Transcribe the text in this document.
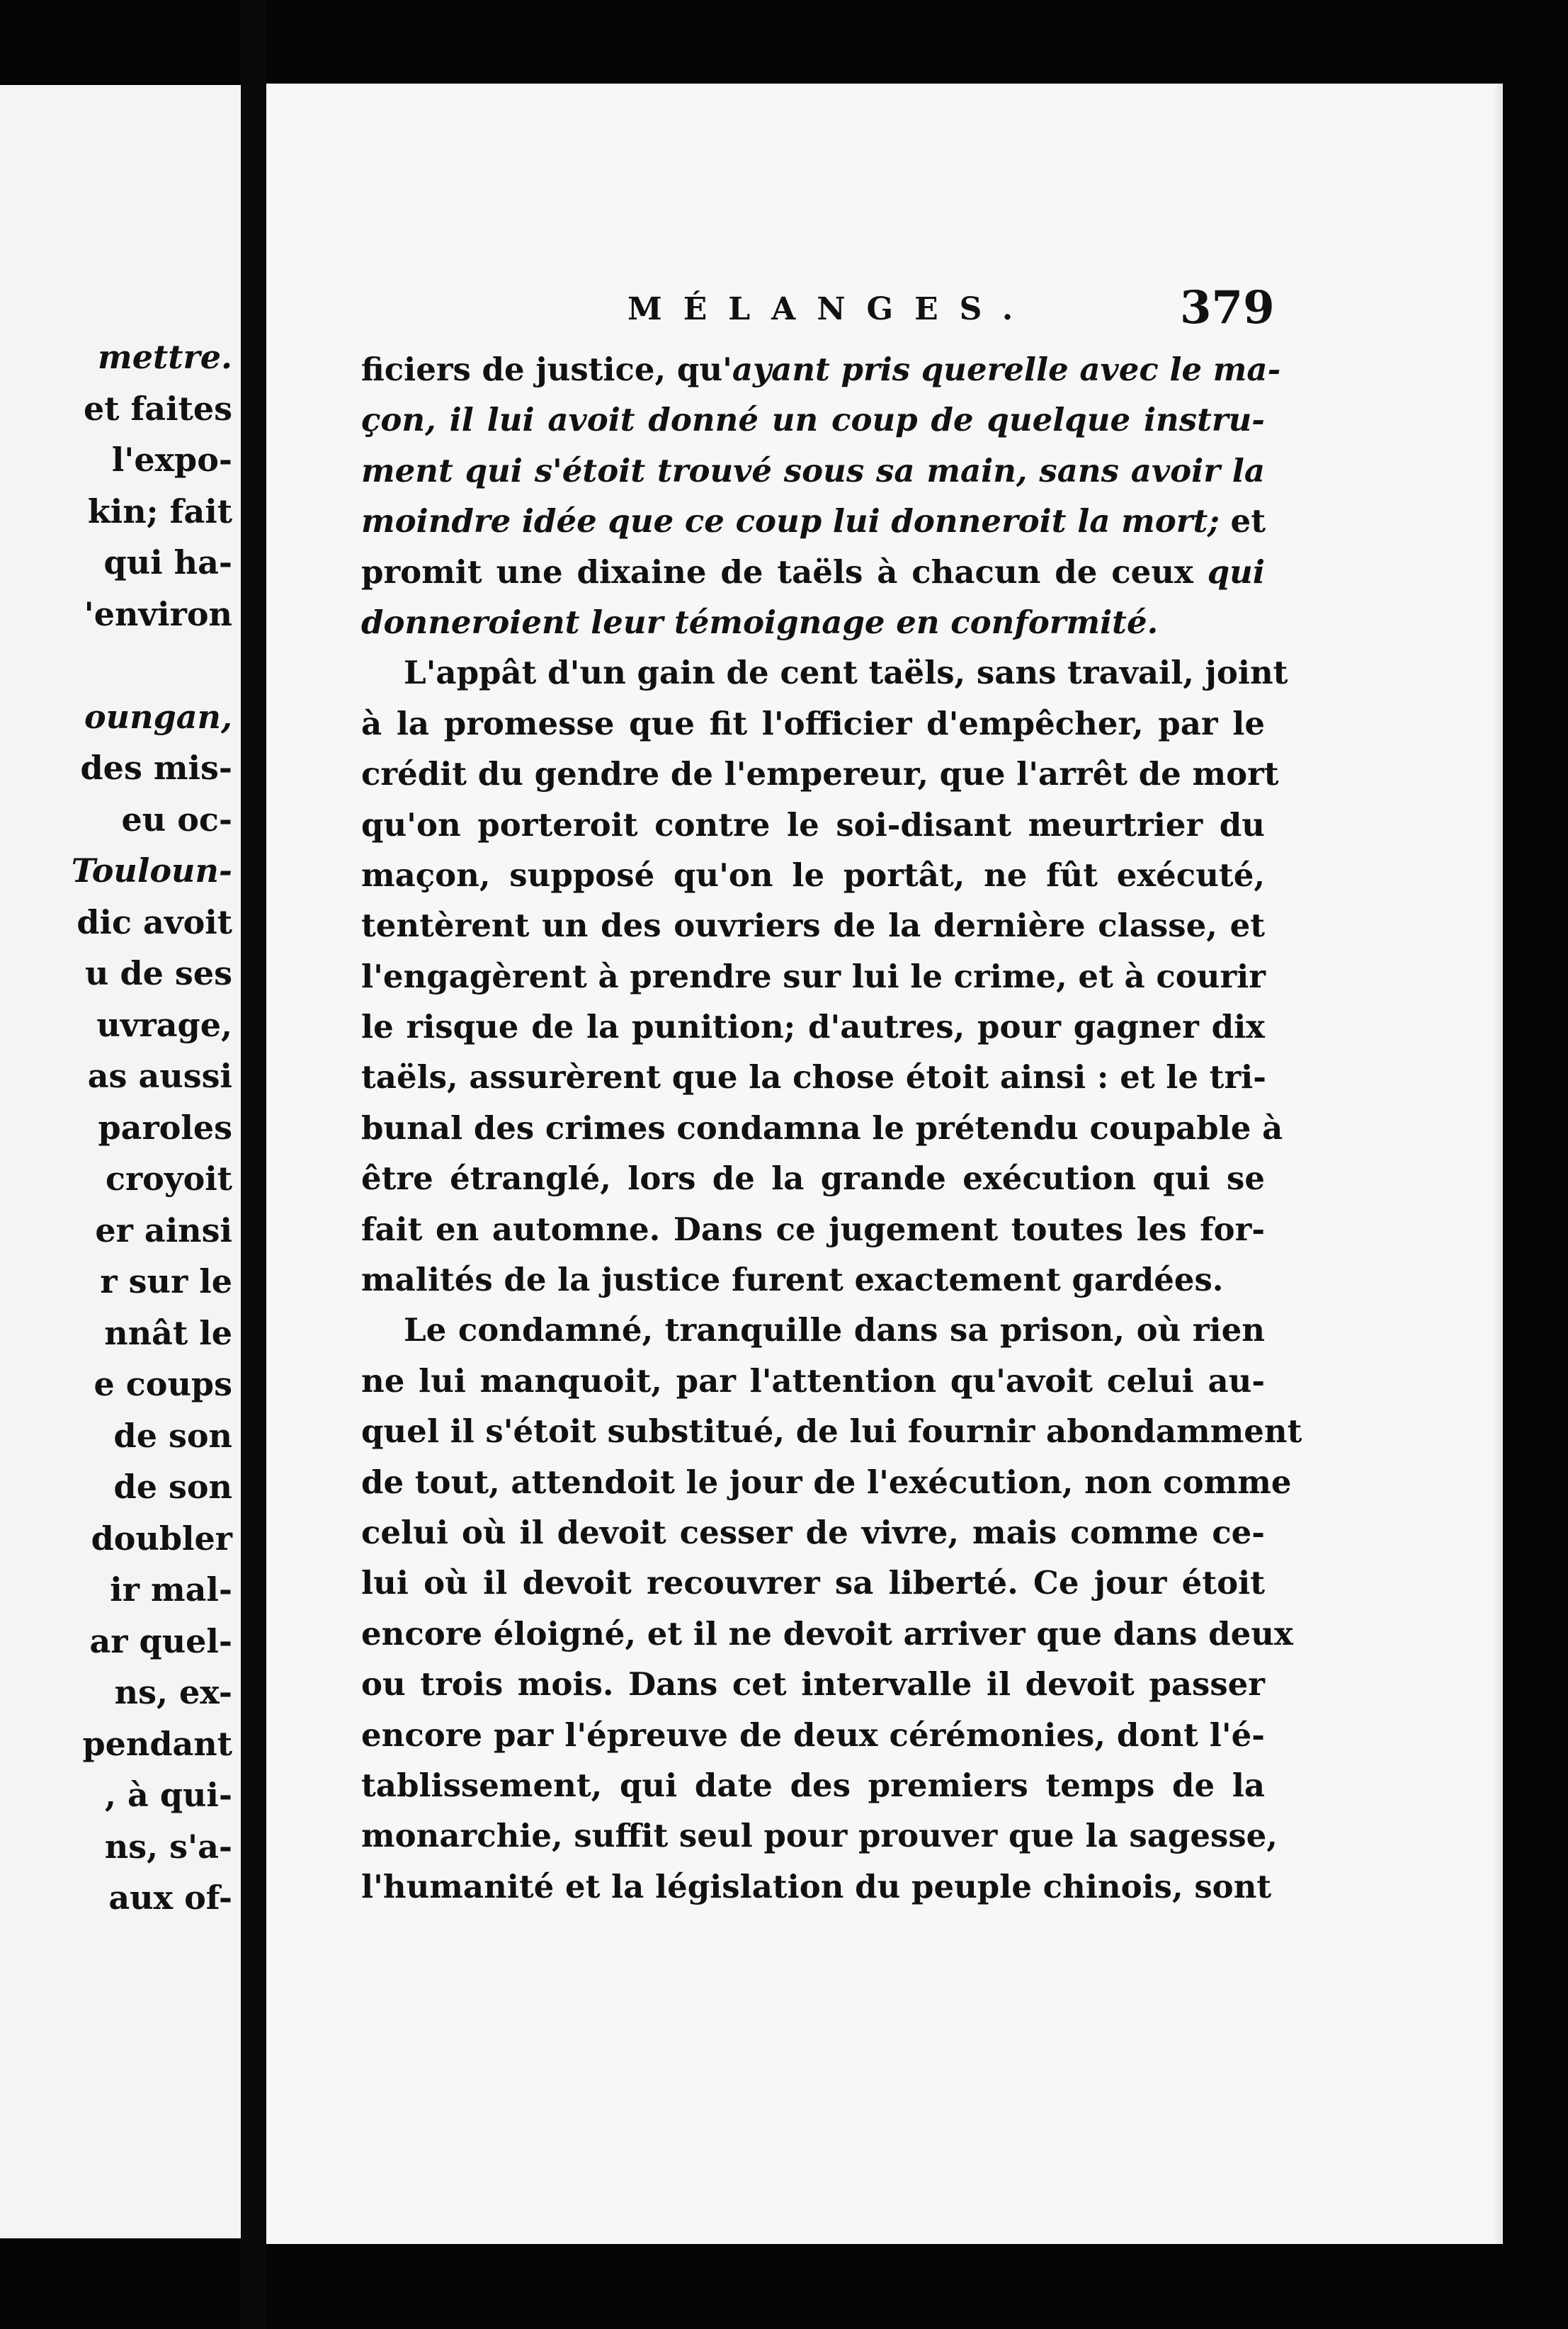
mettre.
et faites
l'expo-
kin; fait
qui ha-
'environ
oungan,
des mis-
eu oc-
Touloun-
dic avoit
u de ses
uvrage,
as aussi
paroles
croyoit
er ainsi
r sur le
nnât le
e coups
de son
de son
doubler
ir mal-
ar quel-
ns, ex-
pendant
, à qui-
ns, s'a-
aux of-
MÉLANGES.	379
ficiers de justice, qu'ayant pris querelle avec le ma-
çon, il lui avoit donné un coup de quelque instru-
ment qui s'étoit trouvé sous sa main, sans avoir la
moindre idée que ce coup lui donneroit la mort; et
promit une dixaine de taëls à chacun de ceux qui
donneroient leur témoignage en conformité.
L'appât d'un gain de cent taëls, sans travail, joint
à la promesse que fit l'officier d'empêcher, par le
crédit du gendre de l'empereur, que l'arrêt de mort
qu'on porteroit contre le soi-disant meurtrier du
maçon, supposé qu'on le portât, ne fût exécuté,
tentèrent un des ouvriers de la dernière classe, et
l'engagèrent à prendre sur lui le crime, et à courir
le risque de la punition; d'autres, pour gagner dix
taëls, assurèrent que la chose étoit ainsi : et le tri-
bunal des crimes condamna le prétendu coupable à
être étranglé, lors de la grande exécution qui se
fait en automne. Dans ce jugement toutes les for-
malités de la justice furent exactement gardées.
Le condamné, tranquille dans sa prison, où rien
ne lui manquoit, par l'attention qu'avoit celui au-
quel il s'étoit substitué, de lui fournir abondamment
de tout, attendoit le jour de l'exécution, non comme
celui où il devoit cesser de vivre, mais comme ce-
lui où il devoit recouvrer sa liberté. Ce jour étoit
encore éloigné, et il ne devoit arriver que dans deux
ou trois mois. Dans cet intervalle il devoit passer
encore par l'épreuve de deux cérémonies, dont l'é-
tablissement, qui date des premiers temps de la
monarchie, suffit seul pour prouver que la sagesse,
l'humanité et la législation du peuple chinois, sont
